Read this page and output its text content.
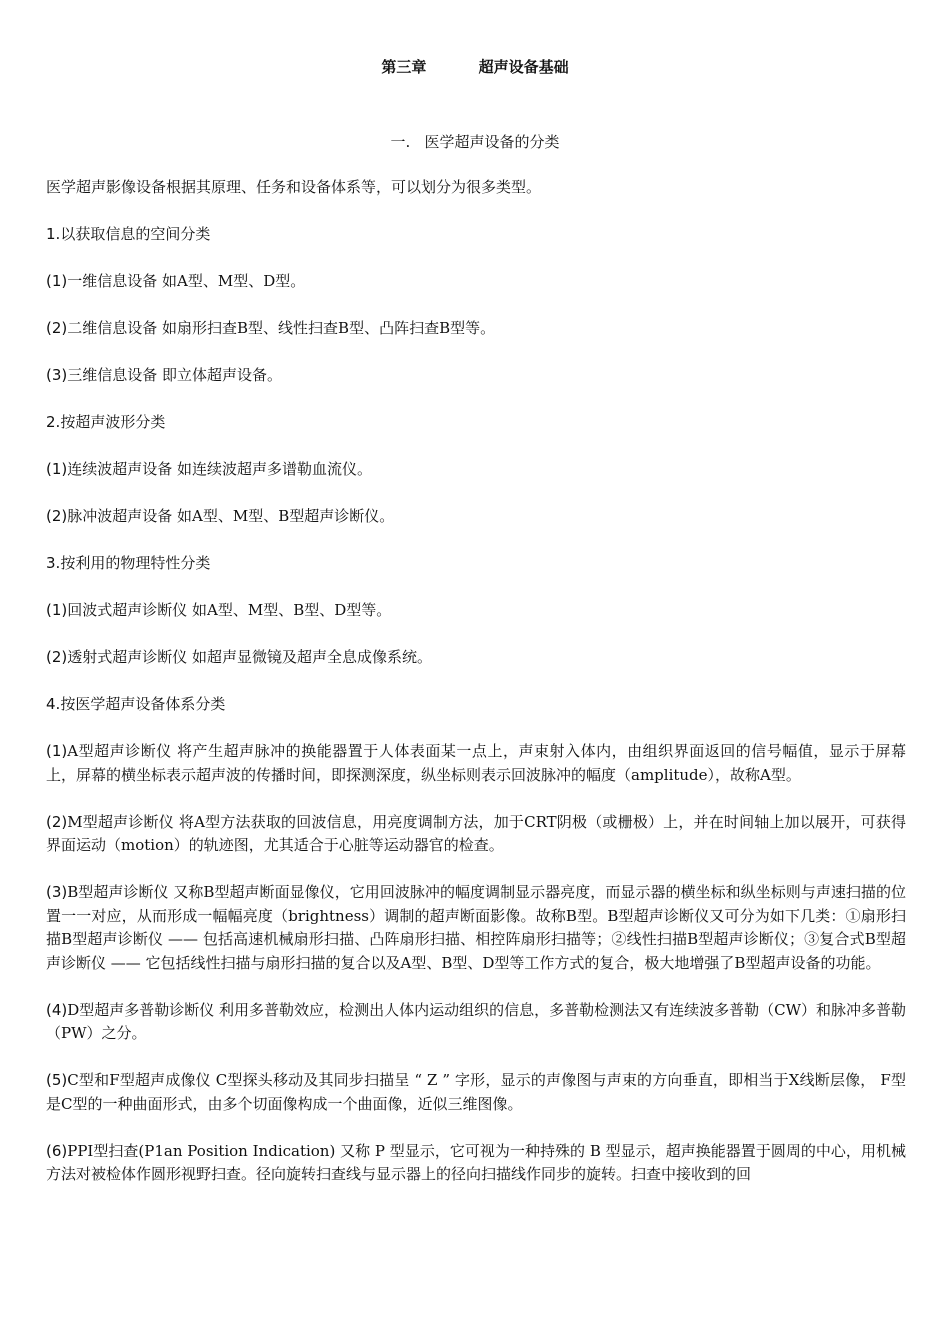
第三章          超声设备基础
一.   医学超声设备的分类

医学超声影像设备根据其原理、任务和设备体系等，可以划分为很多类型。

1.以获取信息的空间分类

(1)一维信息设备 如A型、M型、D型。

(2)二维信息设备 如扇形扫查B型、线性扫查B型、凸阵扫查B型等。

(3)三维信息设备 即立体超声设备。

2.按超声波形分类

(1)连续波超声设备 如连续波超声多谱勒血流仪。

(2)脉冲波超声设备 如A型、M型、B型超声诊断仪。

3.按利用的物理特性分类

(1)回波式超声诊断仪 如A型、M型、B型、D型等。

(2)透射式超声诊断仪 如超声显微镜及超声全息成像系统。

4.按医学超声设备体系分类

(1)A型超声诊断仪 将产生超声脉冲的换能器置于人体表面某一点上，声束射入体内，由组织界面返回的信号幅值，显示于屏幕上，屏幕的横坐标表示超声波的传播时间，即探测深度，纵坐标则表示回波脉冲的幅度（amplitude），故称A型。

(2)M型超声诊断仪 将A型方法获取的回波信息，用亮度调制方法，加于CRT阴极（或栅极）上，并在时间轴上加以展开，可获得界面运动（motion）的轨迹图，尤其适合于心脏等运动器官的检查。

(3)B型超声诊断仪 又称B型超声断面显像仪，它用回波脉冲的幅度调制显示器亮度，而显示器的横坐标和纵坐标则与声速扫描的位置一一对应，从而形成一幅幅亮度（brightness）调制的超声断面影像。故称B型。B型超声诊断仪又可分为如下几类：①扇形扫描B型超声诊断仪 —— 包括高速机械扇形扫描、凸阵扇形扫描、相控阵扇形扫描等；②线性扫描B型超声诊断仪；③复合式B型超声诊断仪 —— 它包括线性扫描与扇形扫描的复合以及A型、B型、D型等工作方式的复合，极大地增强了B型超声设备的功能。

(4)D型超声多普勒诊断仪 利用多普勒效应，检测出人体内运动组织的信息，多普勒检测法又有连续波多普勒（CW）和脉冲多普勒（PW）之分。

(5)C型和F型超声成像仪 C型探头移动及其同步扫描呈 “ Z ” 字形，显示的声像图与声束的方向垂直，即相当于X线断层像， F型是C型的一种曲面形式，由多个切面像构成一个曲面像，近似三维图像。

(6)PPI型扫查(P1an Position Indication) 又称 P 型显示，它可视为一种持殊的 B 型显示，超声换能器置于圆周的中心，用机械方法对被检体作圆形视野扫查。径向旋转扫查线与显示器上的径向扫描线作同步的旋转。扫查中接收到的回
